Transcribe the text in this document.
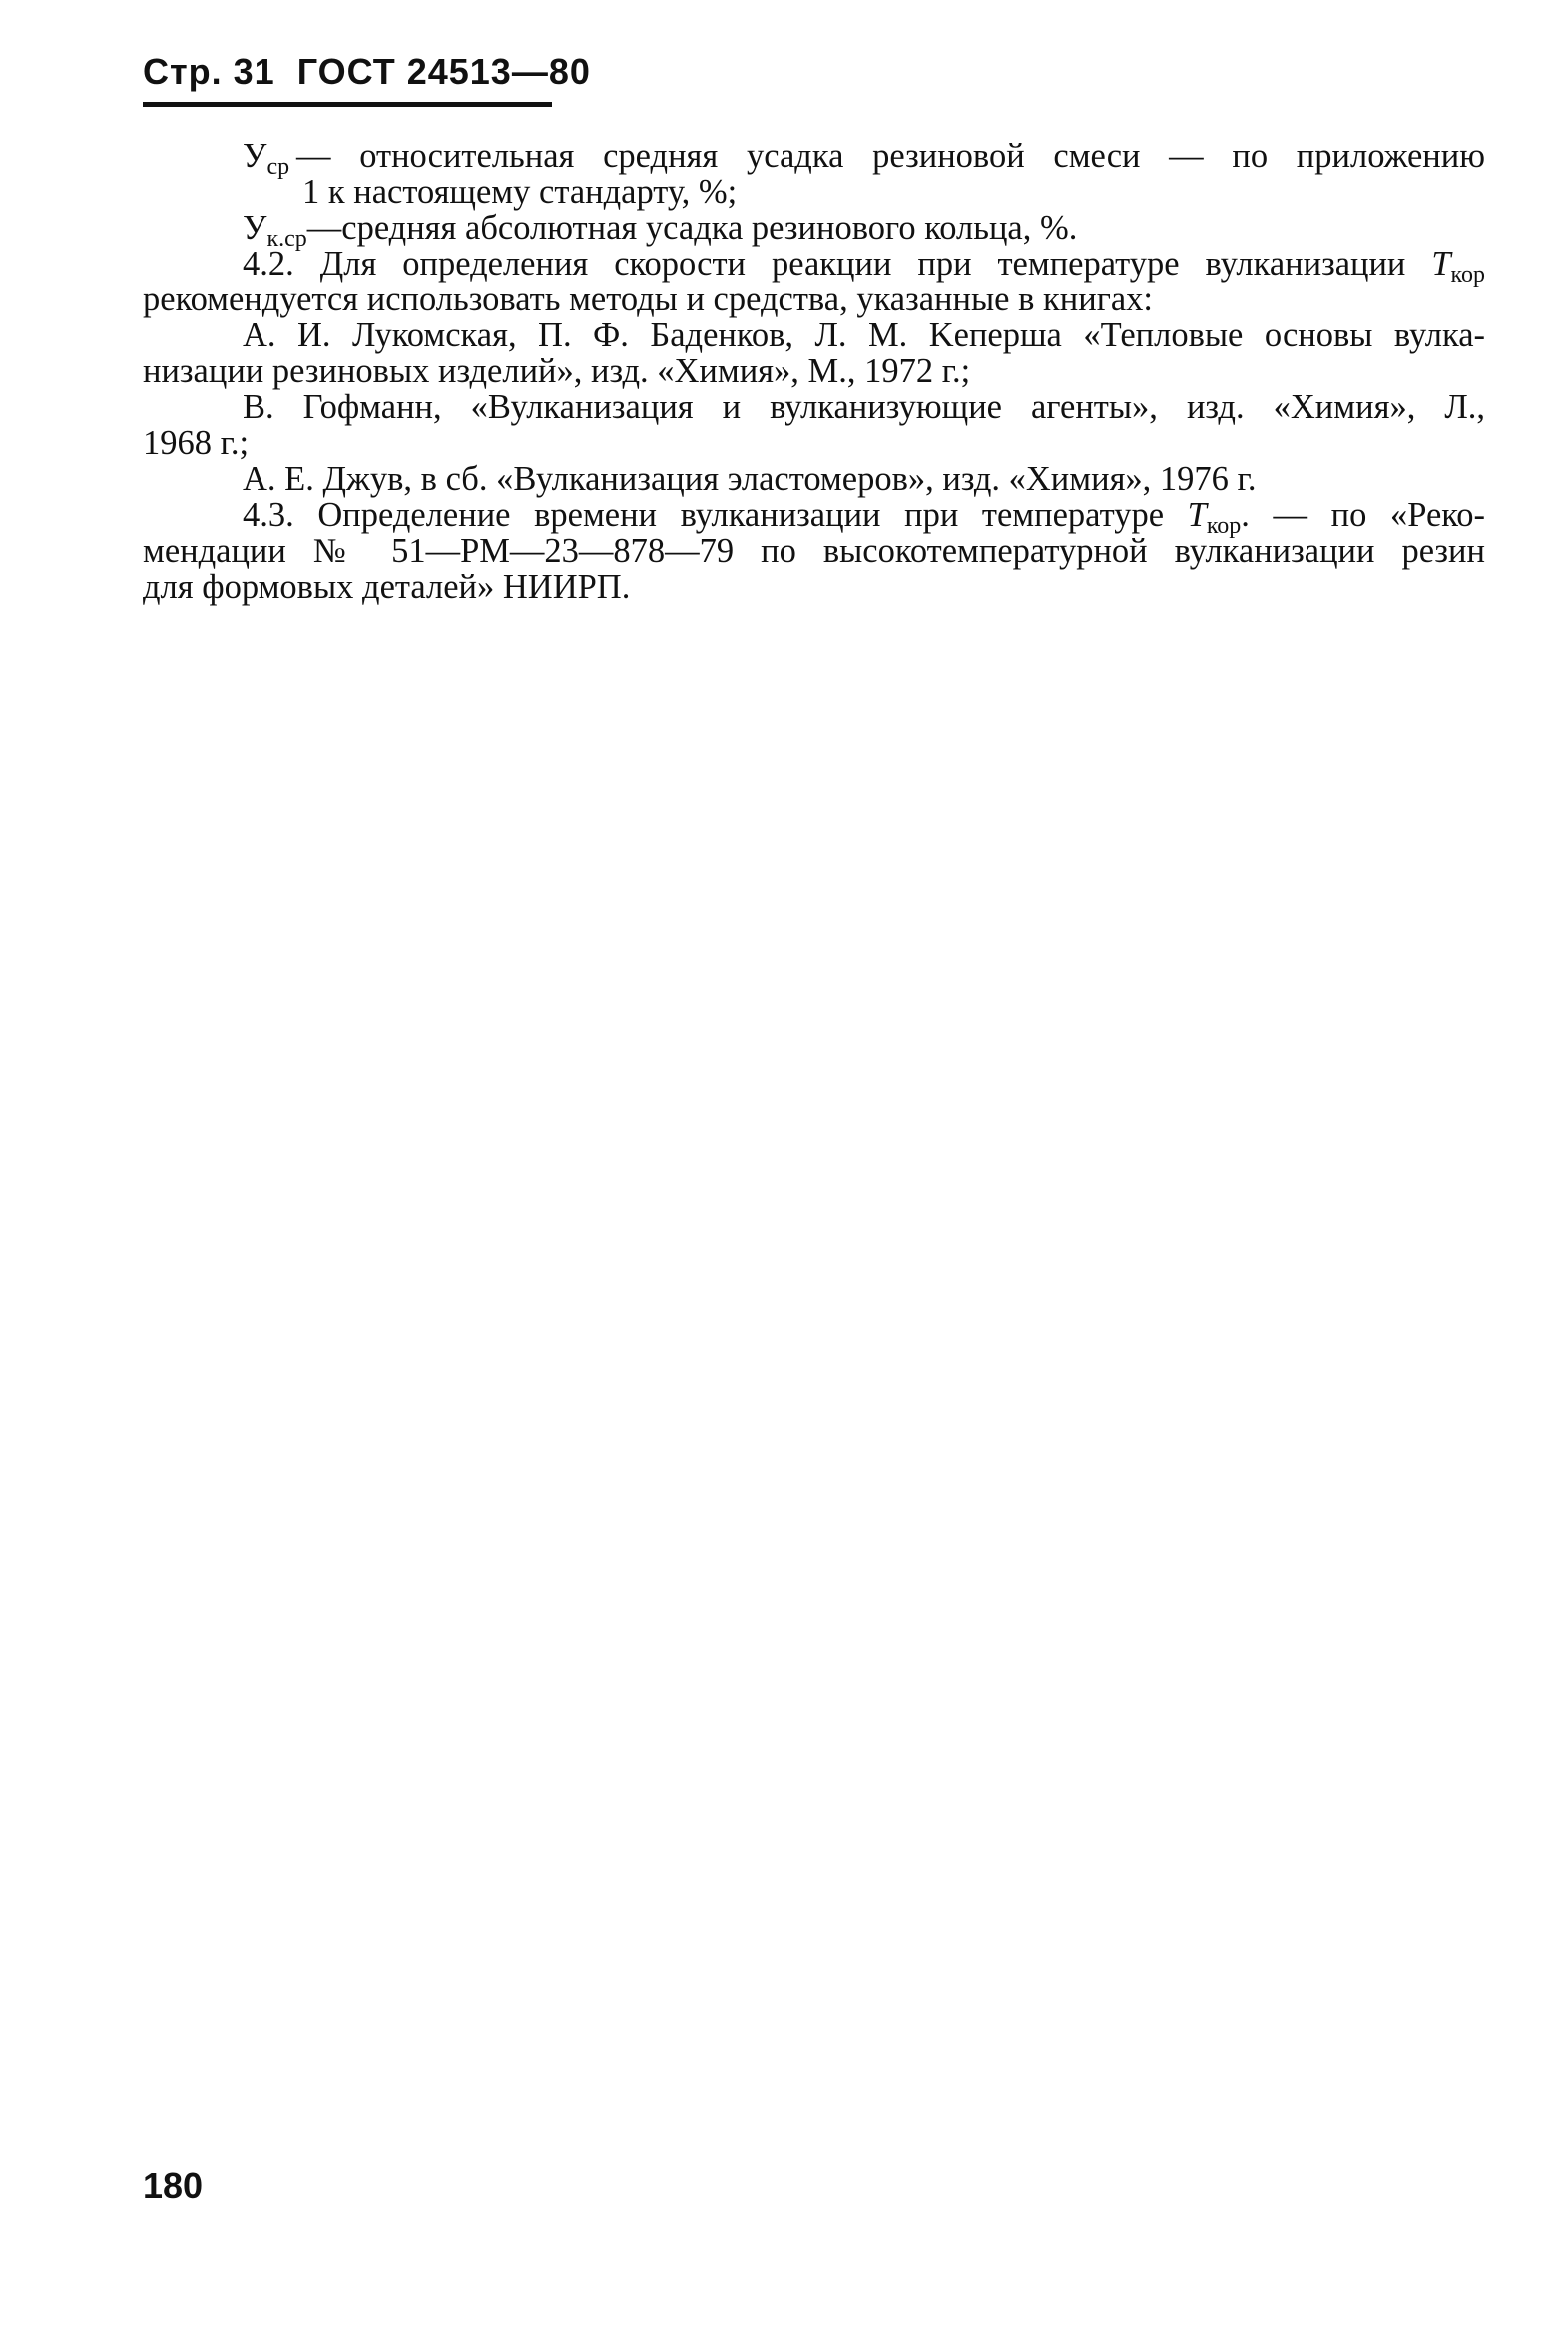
Стр. 31 ГОСТ 24513—80
$У_{ср}$ — относительная средняя усадка резиновой смеси — по приложению
1 к настоящему стандарту, %;
$У_{к.ср}—средняя$ абсолютная усадка резинового кольца, %.
4.2. Для определения скорости реакции при температуре вулканизации $Т_{кор}$
рекомендуется использовать методы и средства, указанные в книгах:
А. И. Лукомская, П. Ф. Баденков, Л. М. Keперша «Тепловые основы вулка-
низации резиновых изделий», изд. «Химия», М., 1972 г.;
В. Гофманн, «Вулканизация и вулканизующие агенты», изд. «Химия», Л.,
1968 г.;
А. Е. Джув, в сб. «Вулканизация эластомеров», изд. «Химия», 1976 г.
4.3. Определение времени вулканизации при температуре $Т_{кор}$. — по «Реко-
мендации № 51—РМ—23—878—79 по высокотемпературной вулканизации резин
для формовых деталей» НИИРП.
180
